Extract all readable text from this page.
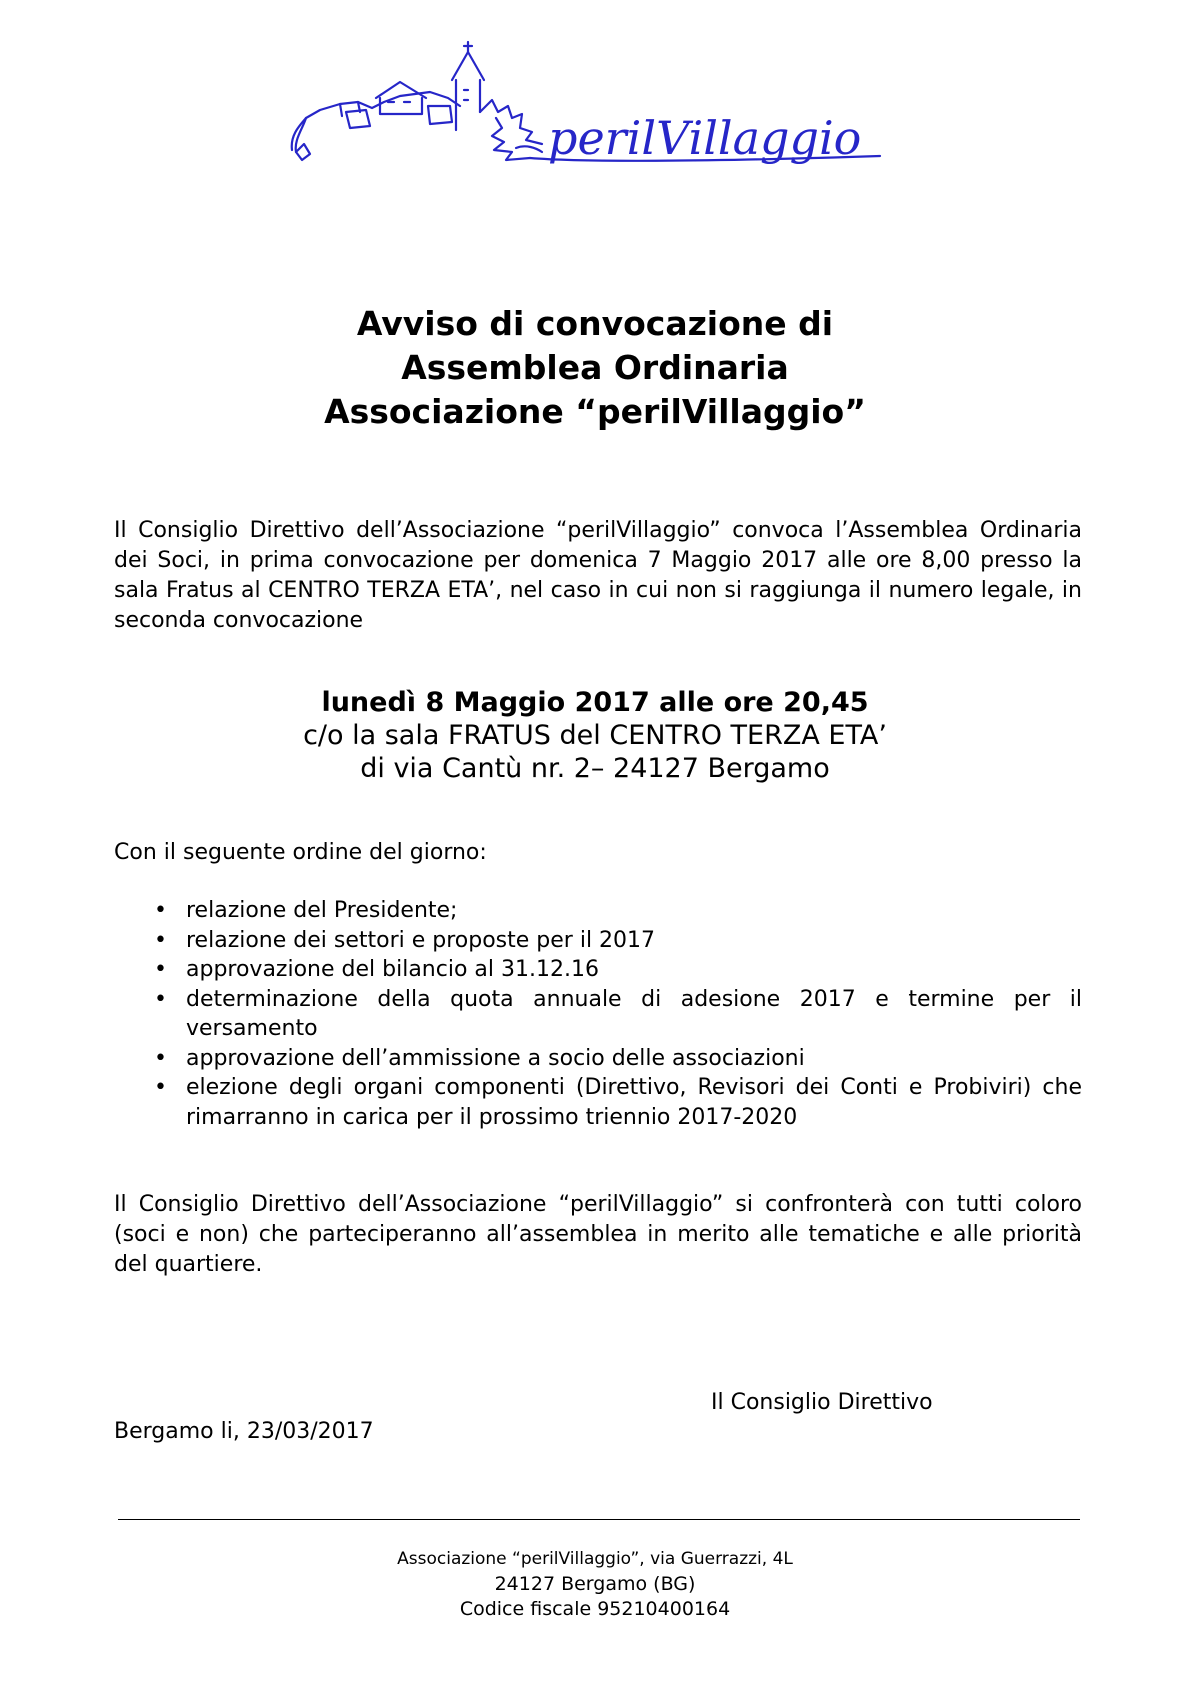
perilVillaggio
Avviso di convocazione di
Assemblea Ordinaria
Associazione “perilVillaggio”
Il Consiglio Direttivo dell’Associazione “perilVillaggio” convoca l’Assemblea Ordinaria dei Soci, in prima convocazione per domenica 7 Maggio 2017 alle ore 8,00 presso la sala Fratus al CENTRO TERZA ETA’, nel caso in cui non si raggiunga il numero legale, in seconda convocazione
lunedì 8 Maggio 2017 alle ore 20,45
c/o la sala FRATUS del CENTRO TERZA ETA’
di via Cantù nr. 2– 24127 Bergamo
Con il seguente ordine del giorno:
• relazione del Presidente;
• relazione dei settori e proposte per il 2017
• approvazione del bilancio al 31.12.16
• determinazione della quota annuale di adesione 2017 e termine per il versamento
• approvazione dell’ammissione a socio delle associazioni
• elezione degli organi componenti (Direttivo, Revisori dei Conti e Probiviri) che rimarranno in carica per il prossimo triennio 2017-2020
Il Consiglio Direttivo dell’Associazione “perilVillaggio” si confronterà con tutti coloro (soci e non) che parteciperanno all’assemblea in merito alle tematiche e alle priorità del quartiere.
Il Consiglio Direttivo
Bergamo li, 23/03/2017
Associazione “perilVillaggio”, via Guerrazzi, 4L
24127 Bergamo (BG)
Codice fiscale 95210400164
